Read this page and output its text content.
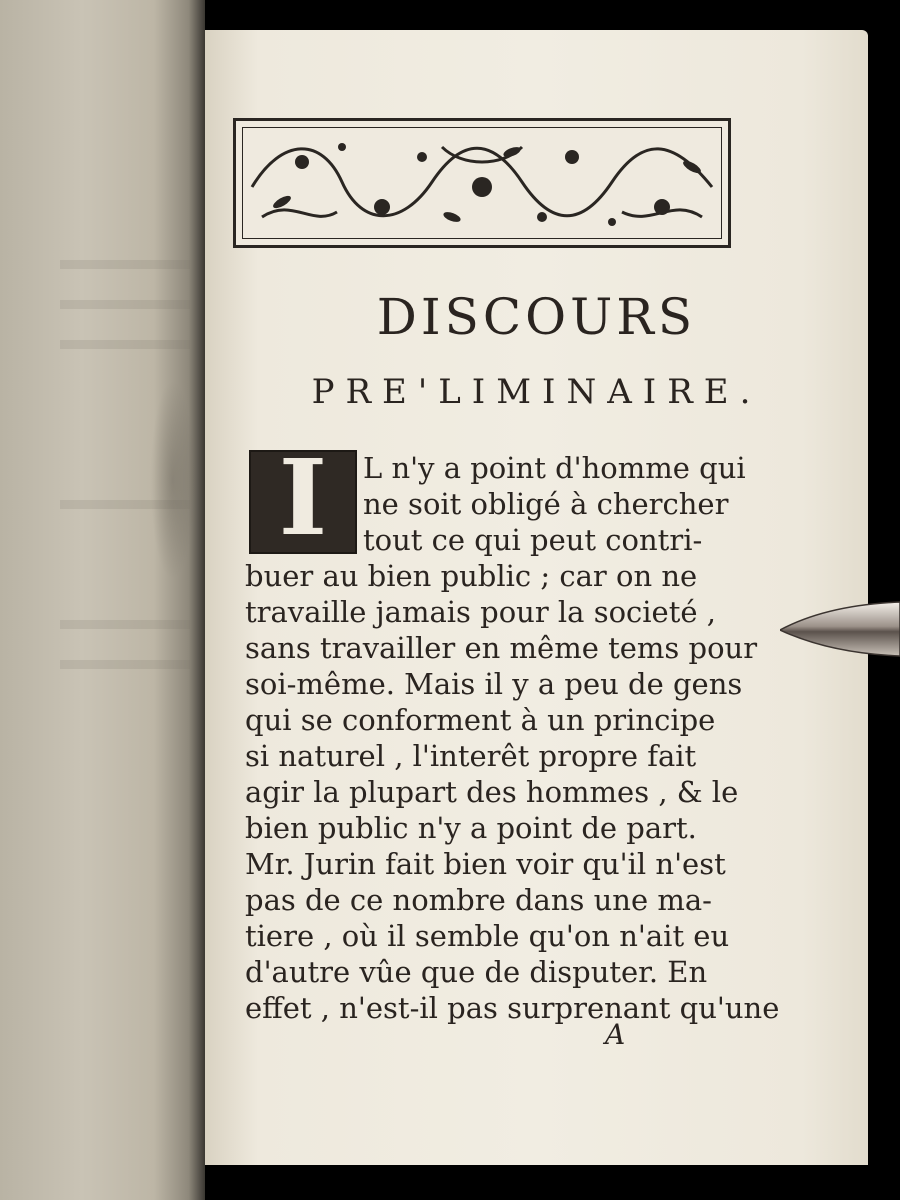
DISCOURS
PRE'LIMINAIRE.
I	L n'y a point d'homme qui
ne soit obligé à chercher
tout ce qui peut contri-
buer au bien public ; car on ne
travaille jamais pour la societé ,
sans travailler en même tems pour
soi-même. Mais il y a peu de gens
qui se conforment à un principe
si naturel , l'interêt propre fait
agir la plupart des hommes , & le
bien public n'y a point de part.
Mr. Jurin fait bien voir qu'il n'est
pas de ce nombre dans une ma-
tiere , où il semble qu'on n'ait eu
d'autre vûe que de disputer. En
effet , n'est-il pas surprenant qu'une
A
